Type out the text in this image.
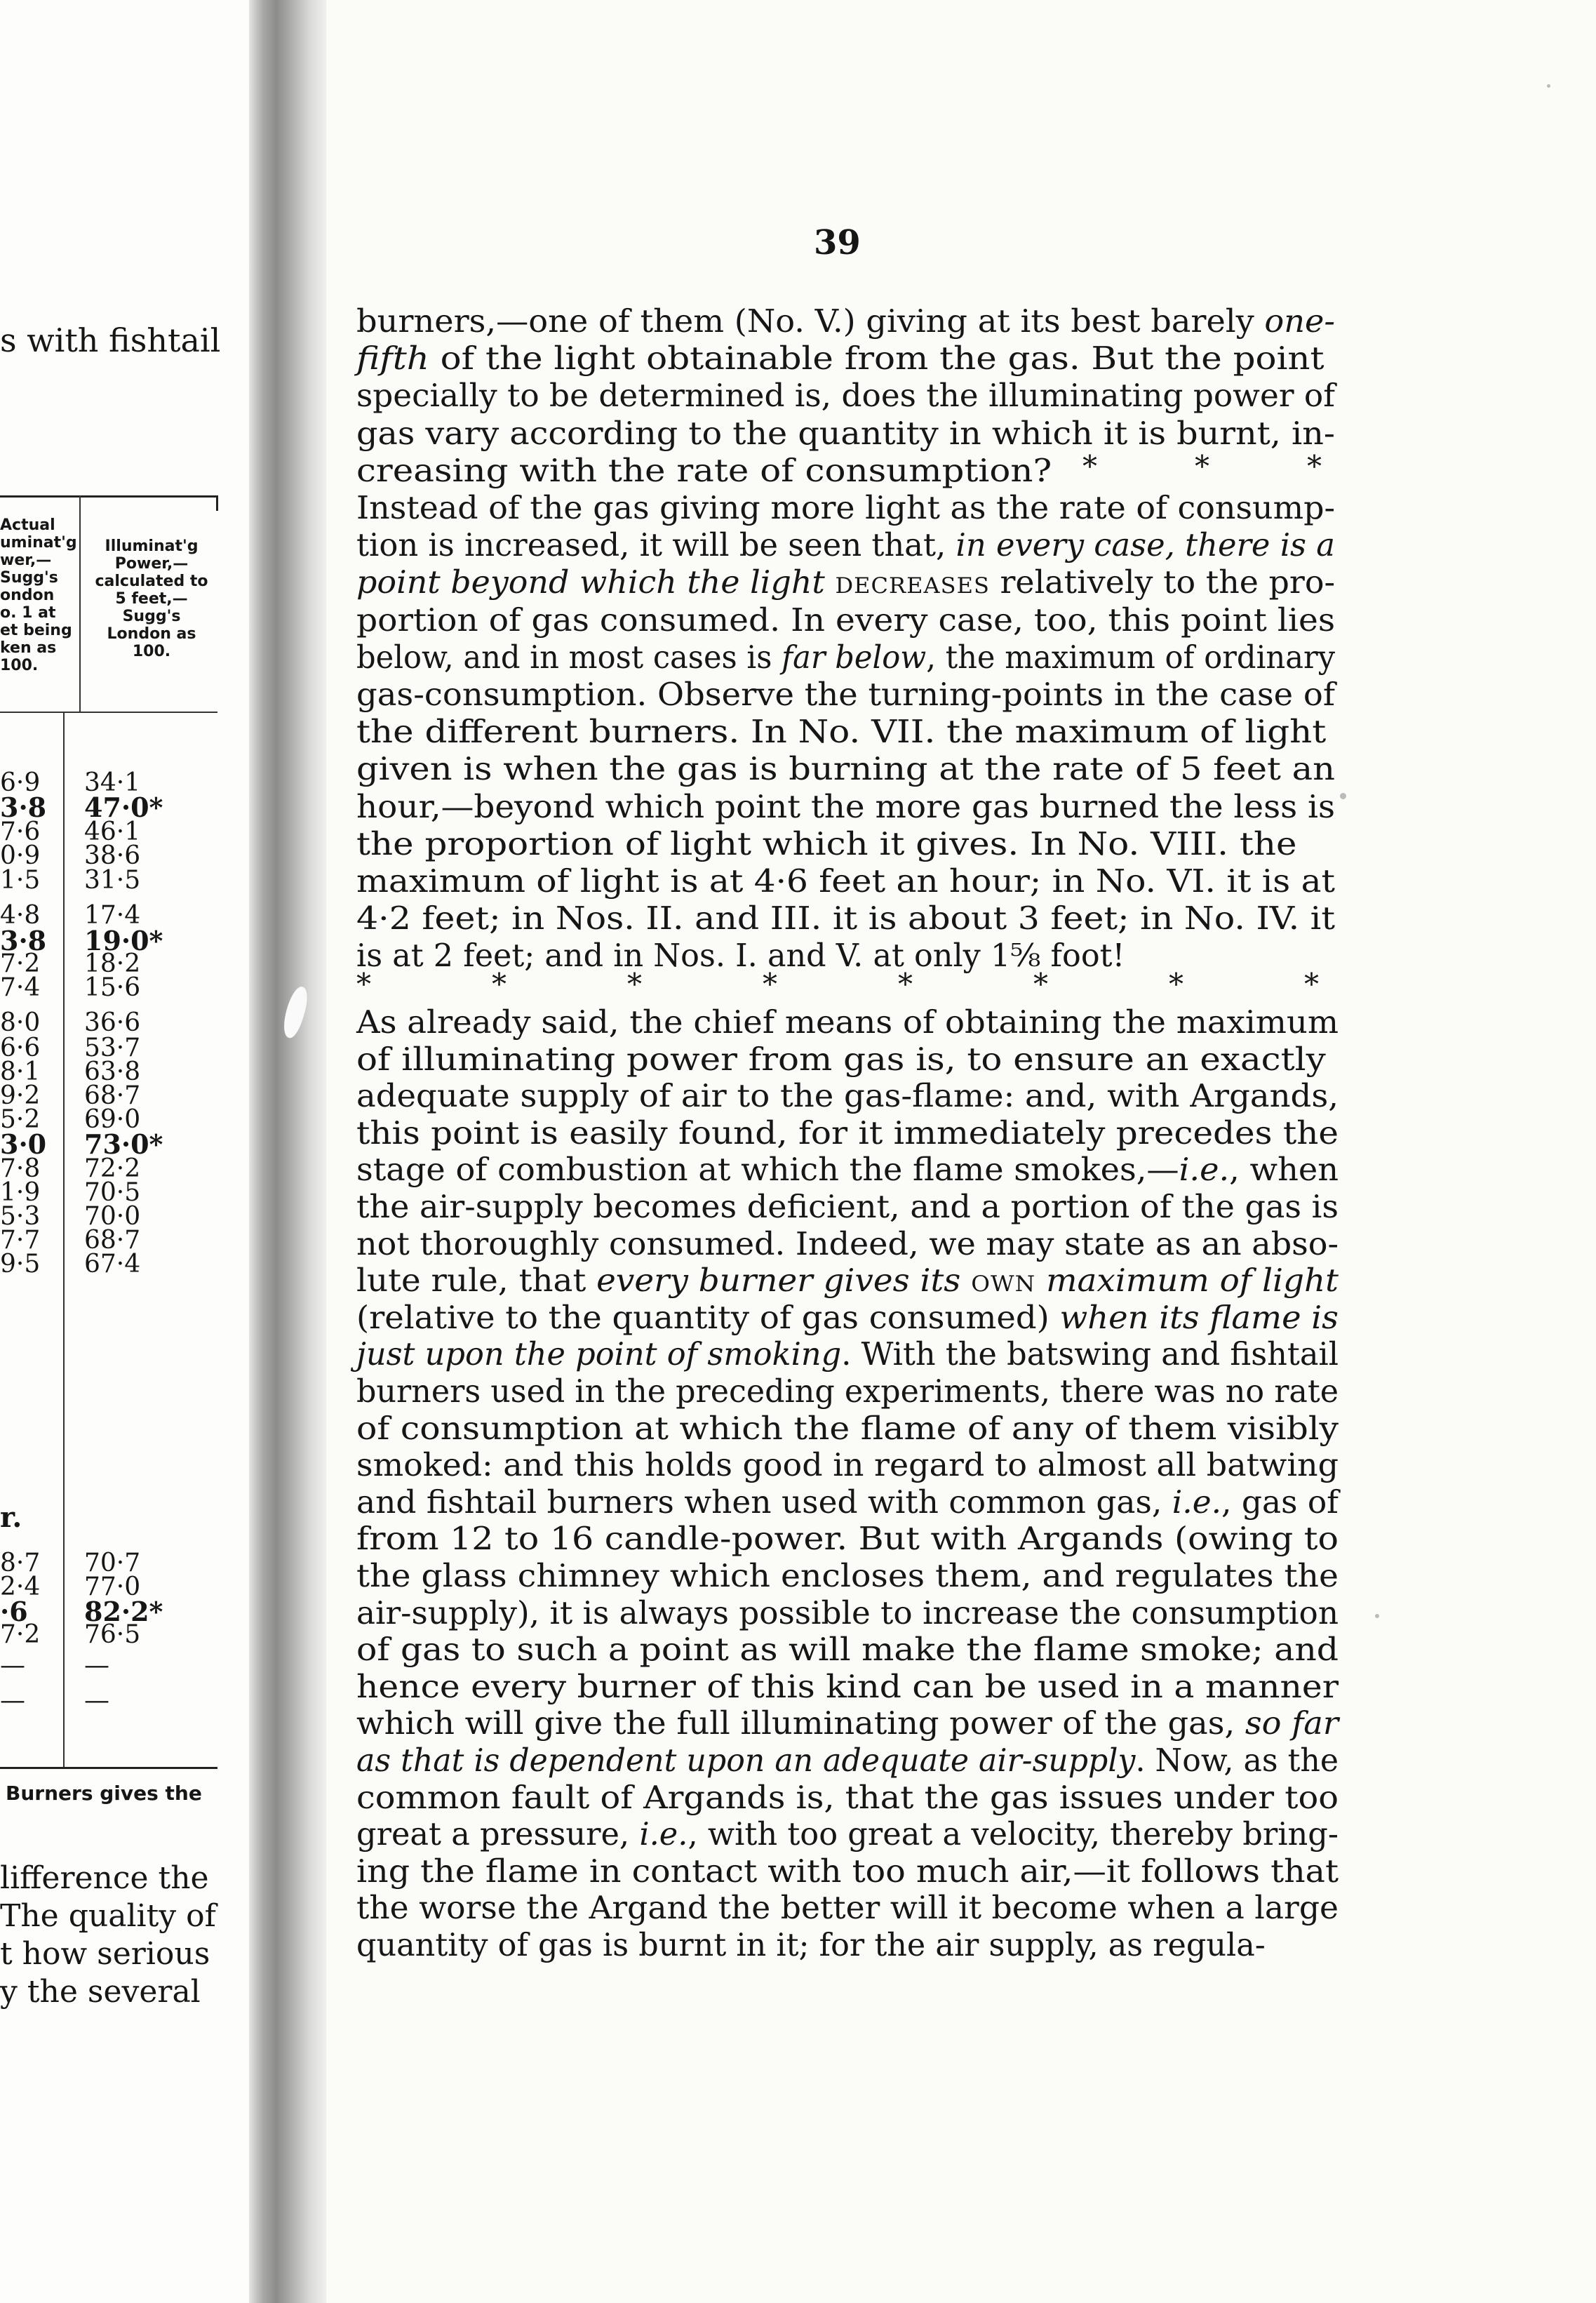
s with fishtail
Actual
uminat'g
wer,—
Sugg's
ondon
o. 1 at
et being
ken as
100.
Illuminat'g
Power,—
calculated to
5 feet,—
Sugg's
London as
100.
6·9 34·1
3·8 47·0*
7·6 46·1
0·9 38·6
1·5 31·5
4·8 17·4
3·8 19·0*
7·2 18·2
7·4 15·6
8·0 36·6
6·6 53·7
8·1 63·8
9·2 68·7
5·2 69·0
3·0 73·0*
7·8 72·2
1·9 70·5
5·3 70·0
7·7 68·7
9·5 67·4
8·7 70·7
2·4 77·0
·6 82·2*
7·2 76·5
— —
— —
r.
Burners gives the
lifference the
The quality of
t how serious
y the several
39
burners,—one of them (No. V.) giving at its best barely one-
fifth of the light obtainable from the gas. But the point
specially to be determined is, does the illuminating power of
gas vary according to the quantity in which it is burnt, in-
creasing with the rate of consumption?
Instead of the gas giving more light as the rate of consump-
tion is increased, it will be seen that, in every case, there is a
point beyond which the light decreases relatively to the pro-
portion of gas consumed. In every case, too, this point lies
below, and in most cases is far below, the maximum of ordinary
gas-consumption. Observe the turning-points in the case of
the different burners. In No. VII. the maximum of light
given is when the gas is burning at the rate of 5 feet an
hour,—beyond which point the more gas burned the less is
the proportion of light which it gives. In No. VIII. the
maximum of light is at 4·6 feet an hour; in No. VI. it is at
4·2 feet; in Nos. II. and III. it is about 3 feet; in No. IV. it
is at 2 feet; and in Nos. I. and V. at only 1⅝ foot!
*	*	*
*	*	*	*	*	*	*	*
As already said, the chief means of obtaining the maximum
of illuminating power from gas is, to ensure an exactly
adequate supply of air to the gas-flame: and, with Argands,
this point is easily found, for it immediately precedes the
stage of combustion at which the flame smokes,—i.e., when
the air-supply becomes deficient, and a portion of the gas is
not thoroughly consumed. Indeed, we may state as an abso-
lute rule, that every burner gives its own maximum of light
(relative to the quantity of gas consumed) when its flame is
just upon the point of smoking. With the batswing and fishtail
burners used in the preceding experiments, there was no rate
of consumption at which the flame of any of them visibly
smoked: and this holds good in regard to almost all batwing
and fishtail burners when used with common gas, i.e., gas of
from 12 to 16 candle-power. But with Argands (owing to
the glass chimney which encloses them, and regulates the
air-supply), it is always possible to increase the consumption
of gas to such a point as will make the flame smoke; and
hence every burner of this kind can be used in a manner
which will give the full illuminating power of the gas, so far
as that is dependent upon an adequate air-supply. Now, as the
common fault of Argands is, that the gas issues under too
great a pressure, i.e., with too great a velocity, thereby bring-
ing the flame in contact with too much air,—it follows that
the worse the Argand the better will it become when a large
quantity of gas is burnt in it; for the air supply, as regula-
